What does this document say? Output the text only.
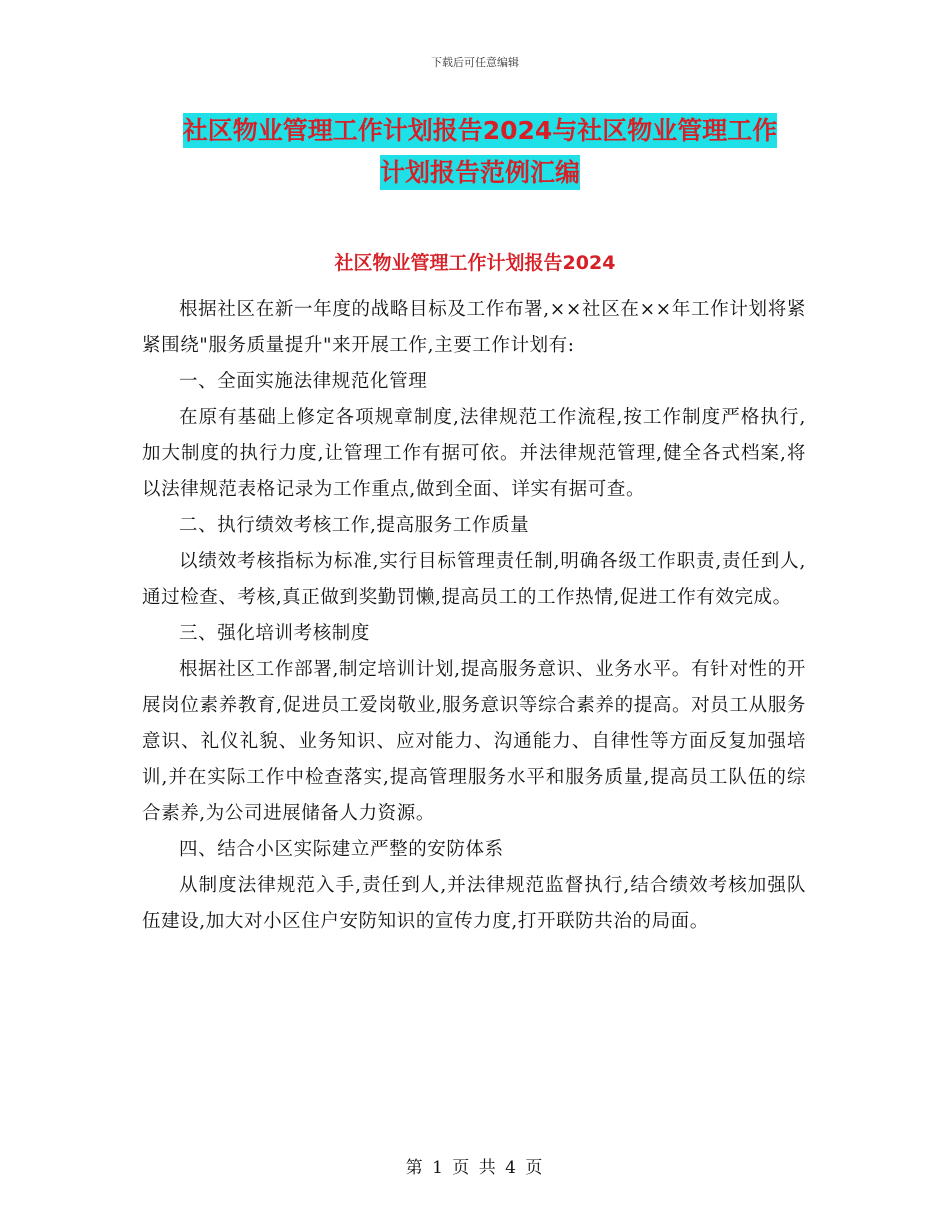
下载后可任意编辑
社区物业管理工作计划报告2024与社区物业管理工作
计划报告范例汇编
社区物业管理工作计划报告2024

根据社区在新一年度的战略目标及工作布署,××社区在××年工作计划将紧紧围绕"服务质量提升"来开展工作,主要工作计划有:

一、全面实施法律规范化管理

在原有基础上修定各项规章制度,法律规范工作流程,按工作制度严格执行,加大制度的执行力度,让管理工作有据可依。并法律规范管理,健全各式档案,将以法律规范表格记录为工作重点,做到全面、详实有据可查。

二、执行绩效考核工作,提高服务工作质量

以绩效考核指标为标准,实行目标管理责任制,明确各级工作职责,责任到人,通过检查、考核,真正做到奖勤罚懒,提高员工的工作热情,促进工作有效完成。

三、强化培训考核制度

根据社区工作部署,制定培训计划,提高服务意识、业务水平。有针对性的开展岗位素养教育,促进员工爱岗敬业,服务意识等综合素养的提高。对员工从服务意识、礼仪礼貌、业务知识、应对能力、沟通能力、自律性等方面反复加强培训,并在实际工作中检查落实,提高管理服务水平和服务质量,提高员工队伍的综合素养,为公司进展储备人力资源。

四、结合小区实际建立严整的安防体系

从制度法律规范入手,责任到人,并法律规范监督执行,结合绩效考核加强队伍建设,加大对小区住户安防知识的宣传力度,打开联防共治的局面。

第 1 页 共 4 页
